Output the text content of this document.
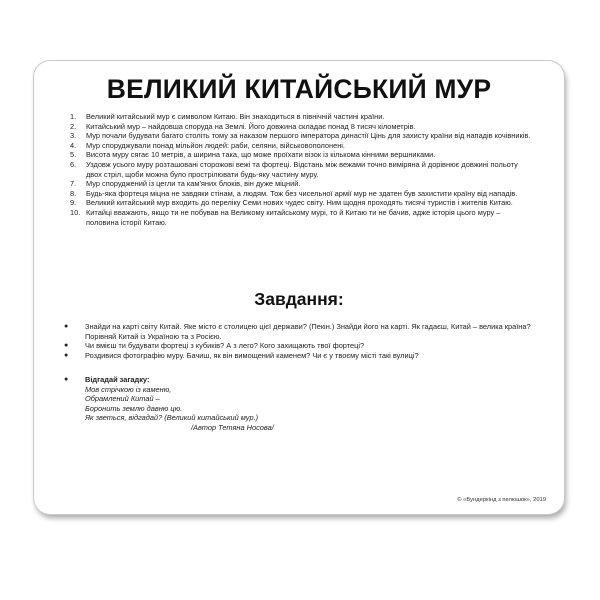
ВЕЛИКИЙ КИТАЙСЬКИЙ МУР
1. Великий китайський мур є символом Китаю. Він знаходиться в північній частині країни.
2. Китайський мур – найдовша споруда на Землі. Його довжина складає понад 8 тисяч кілометрів.
3. Мур почали будувати багато століть тому за наказом першого імператора династії Цінь для захисту країни від нападів кочівників.
4. Мур споруджували понад мільйон людей: раби, селяни, військовополонені.
5. Висота муру сягає 10 метрів, а ширина така, що може проїхати візок із кількома кінними вершниками.
6. Уздовж усього муру розташовані сторожові вежі та фортеці. Відстань між вежами точно виміряна й дорівнює довжині польоту двох стріл, щоби можна було прострілювати будь-яку частину муру.
7. Мур споруджений із цегли та кам'яних блоків, він дуже міцний.
8. Будь-яка фортеця міцна не завдяки стінам, а людям. Тож без чисельної армії мур не здатен був захистити країну від нападів.
9. Великий китайський мур входить до переліку Семи нових чудес світу. Ним щодня проходять тисячі туристів і жителів Китаю.
10. Китайці вважають, якщо ти не побував на Великому китайському мурі, то й Китаю ти не бачив, адже історія цього муру – половина історії Китаю.
Завдання:
● Знайди на карті світу Китай. Яке місто є столицею цієї держави? (Пекін.) Знайди його на карті. Як гадаєш, Китай – велика країна? Порівняй Китай із Україною та з Росією.
● Чи вмієш ти будувати фортеці з кубиків? А з лего? Кого захищають твої фортеці?
● Роздивися фотографію муру. Бачиш, як він вимощений каменем? Чи є у твоєму місті такі вулиці?
● Відгадай загадку:
Мов стрічкою із каменю,
Обрамлений Китай –
Боронить землю давню цю.
Як зветься, відгадай? (Великий китайський мур.)
/Автор Тетяна Носова/
© «Вундеркінд з пелюшок», 2019
